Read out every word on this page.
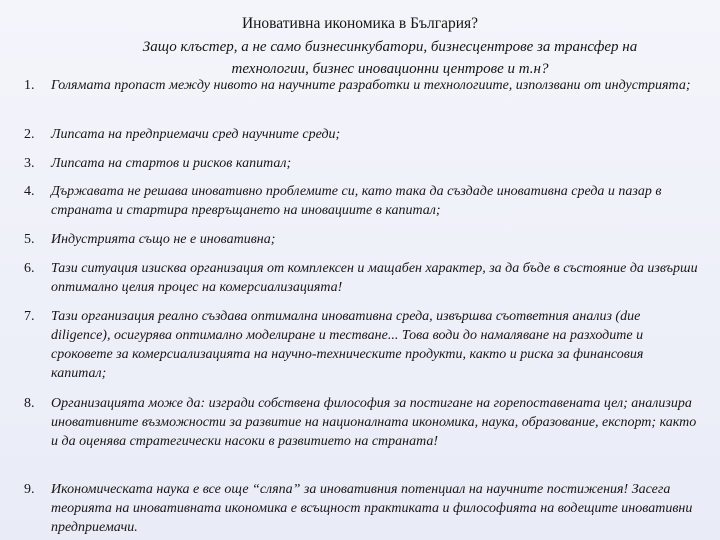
Иновативна икономика в България?
Защо клъстер, а не само бизнесинкубатори, бизнесцентрове за трансфер на технологии, бизнес иновационни центрове и т.н?
1.	Голямата пропаст между нивото на научните разработки и технологиите, използвани от индустрията;
2.	Липсата на предприемачи сред научните среди;
3.	Липсата на стартов и рисков капитал;
4.	Държавата не решава иновативно проблемите си, като така да създаде иновативна среда и пазар в страната и стартира превръщането на иновациите в капитал;
5.	Индустрията също не е иновативна;
6.	Тази ситуация изисква организация от комплексен и мащабен характер, за да бъде в състояние да извърши оптимално целия процес на комерсиализацията!
7.	Тази организация реално създава оптимална иновативна среда, извършва съответния анализ (due diligence), осигурява оптимално моделиране и тестване... Това води до намаляване на разходите и сроковете за комерсиализацията на научно-техническите продукти, както и риска за финансовия капитал;
8.	Организацията може да: изгради собствена философия за постигане на горепоставената цел; анализира иновативните възможности за развитие на националната икономика, наука, образование, експорт; както и да оценява стратегически насоки в развитието на страната!
9.	Икономическата наука е все още “сляпа” за иновативния потенциал на научните постижения! Засега теорията на иновативната икономика е всъщност практиката и философията на водещите иновативни предприемачи.
